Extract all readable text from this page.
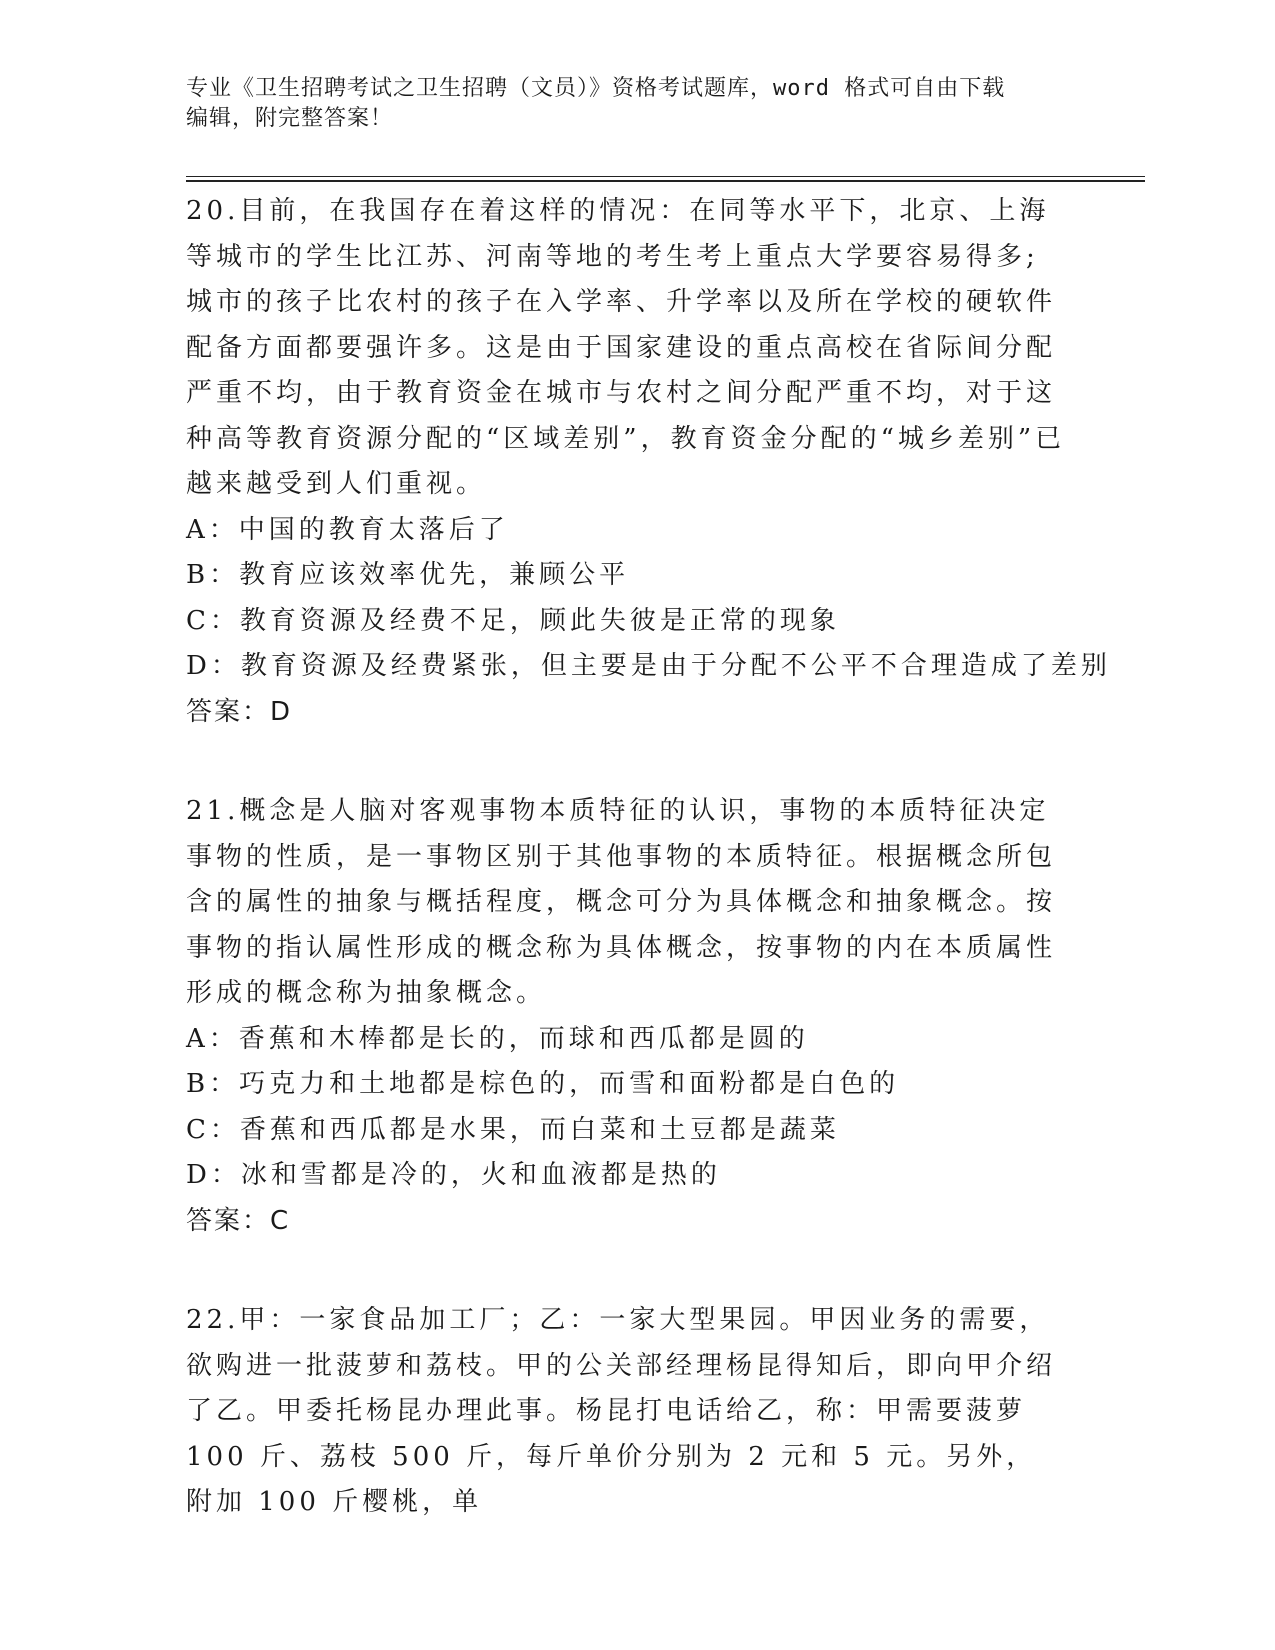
专业《卫生招聘考试之卫生招聘（文员）》资格考试题库，word 格式可自由下载
编辑，附完整答案！

20.目前，在我国存在着这样的情况：在同等水平下，北京、上海等城市的学生比江苏、河南等地的考生考上重点大学要容易得多;城市的孩子比农村的孩子在入学率、升学率以及所在学校的硬软件配备方面都要强许多。这是由于国家建设的重点高校在省际间分配严重不均，由于教育资金在城市与农村之间分配严重不均，对于这种高等教育资源分配的“区域差别”，教育资金分配的“城乡差别”已越来越受到人们重视。

A：中国的教育太落后了

B：教育应该效率优先，兼顾公平

C：教育资源及经费不足，顾此失彼是正常的现象

D：教育资源及经费紧张，但主要是由于分配不公平不合理造成了差别

答案：D

21.概念是人脑对客观事物本质特征的认识，事物的本质特征决定事物的性质，是一事物区别于其他事物的本质特征。根据概念所包含的属性的抽象与概括程度，概念可分为具体概念和抽象概念。按事物的指认属性形成的概念称为具体概念，按事物的内在本质属性形成的概念称为抽象概念。

A：香蕉和木棒都是长的，而球和西瓜都是圆的

B：巧克力和土地都是棕色的，而雪和面粉都是白色的

C：香蕉和西瓜都是水果，而白菜和土豆都是蔬菜

D：冰和雪都是冷的，火和血液都是热的

答案：C

22.甲：一家食品加工厂；乙：一家大型果园。甲因业务的需要，欲购进一批菠萝和荔枝。甲的公关部经理杨昆得知后，即向甲介绍了乙。甲委托杨昆办理此事。杨昆打电话给乙，称：甲需要菠萝 100 斤、荔枝 500 斤，每斤单价分别为 2 元和 5 元。另外，附加 100 斤樱桃，单
